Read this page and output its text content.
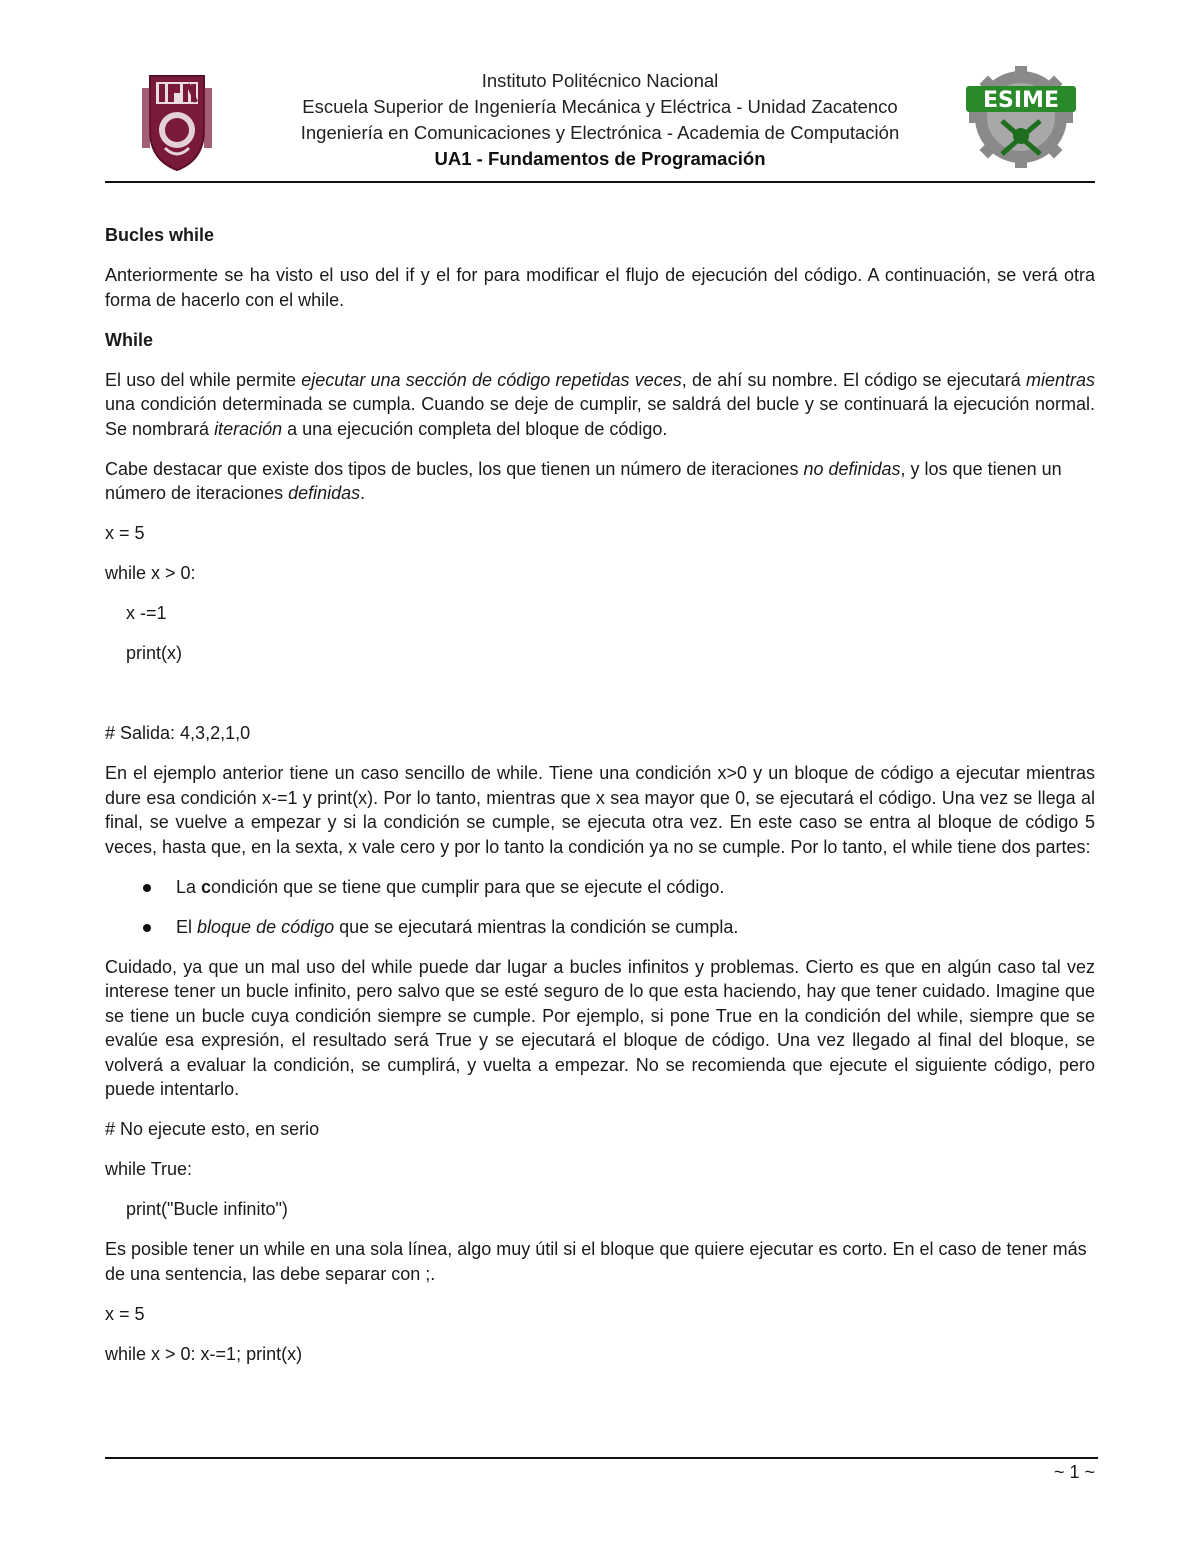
Instituto Politécnico Nacional
Escuela Superior de Ingeniería Mecánica y Eléctrica - Unidad Zacatenco
Ingeniería en Comunicaciones y Electrónica - Academia de Computación
UA1 - Fundamentos de Programación
ESIME

Bucles while

Anteriormente se ha visto el uso del if y el for para modificar el flujo de ejecución del código. A continuación, se verá otra forma de hacerlo con el while.

While

El uso del while permite ejecutar una sección de código repetidas veces, de ahí su nombre. El código se ejecutará mientras una condición determinada se cumpla. Cuando se deje de cumplir, se saldrá del bucle y se continuará la ejecución normal. Se nombrará iteración a una ejecución completa del bloque de código.

Cabe destacar que existe dos tipos de bucles, los que tienen un número de iteraciones no definidas, y los que tienen un número de iteraciones definidas.

x = 5

while x > 0:

x -=1

print(x)

# Salida: 4,3,2,1,0

En el ejemplo anterior tiene un caso sencillo de while. Tiene una condición x>0 y un bloque de código a ejecutar mientras dure esa condición x-=1 y print(x). Por lo tanto, mientras que x sea mayor que 0, se ejecutará el código. Una vez se llega al final, se vuelve a empezar y si la condición se cumple, se ejecuta otra vez. En este caso se entra al bloque de código 5 veces, hasta que, en la sexta, x vale cero y por lo tanto la condición ya no se cumple. Por lo tanto, el while tiene dos partes:

La condición que se tiene que cumplir para que se ejecute el código.
El bloque de código que se ejecutará mientras la condición se cumpla.

Cuidado, ya que un mal uso del while puede dar lugar a bucles infinitos y problemas. Cierto es que en algún caso tal vez interese tener un bucle infinito, pero salvo que se esté seguro de lo que esta haciendo, hay que tener cuidado. Imagine que se tiene un bucle cuya condición siempre se cumple. Por ejemplo, si pone True en la condición del while, siempre que se evalúe esa expresión, el resultado será True y se ejecutará el bloque de código. Una vez llegado al final del bloque, se volverá a evaluar la condición, se cumplirá, y vuelta a empezar. No se recomienda que ejecute el siguiente código, pero puede intentarlo.

# No ejecute esto, en serio

while True:

print("Bucle infinito")

Es posible tener un while en una sola línea, algo muy útil si el bloque que quiere ejecutar es corto. En el caso de tener más de una sentencia, las debe separar con ;.

x = 5

while x > 0: x-=1; print(x)

~ 1 ~
